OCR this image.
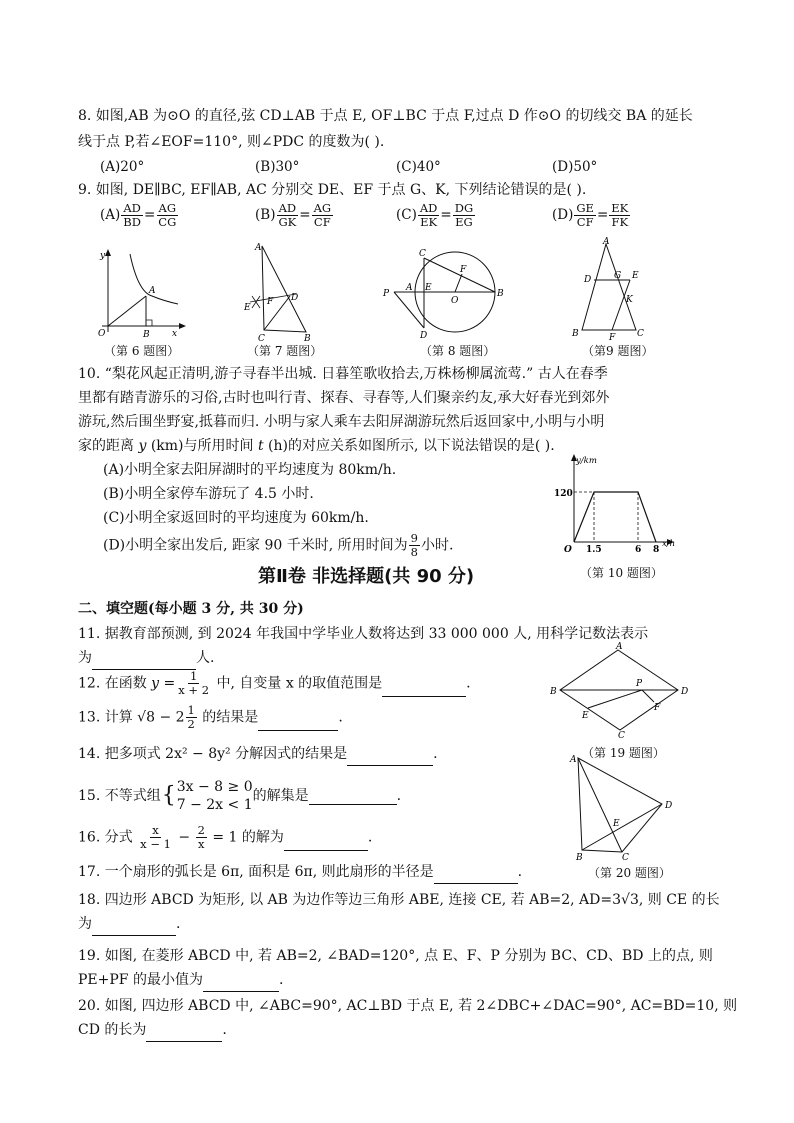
8. 如图,AB 为⊙O 的直径,弦 CD⊥AB 于点 E, OF⊥BC 于点 F,过点 D 作⊙O 的切线交 BA 的延长
线于点 P,若∠EOF=110°, 则∠PDC 的度数为( ).
(A)20°	(B)30°	(C)40°	(D)50°
9. 如图, DE∥BC, EF∥AB, AC 分别交 DE、EF 于点 G、K, 下列结论错误的是( ).
$(A) \frac{AD}{BD} = \frac{AG}{CG}$	$(B) \frac{AD}{GK} = \frac{AG}{CF}$	$(C) \frac{AD}{EK} = \frac{DG}{EG}$	$(D) \frac{GE}{CF} = \frac{EK}{FK}$
y
A
O	B x
（第 6 题图）
A
E
F D
C	B
（第 7 题图）
C
F
P
A E
O
B
D
（第 8 题图）
A
D	G E
K
B	F C
（第9 题图）
10. “梨花风起正清明,游子寻春半出城. 日暮笙歌收拾去,万株杨柳属流莺.” 古人在春季
里都有踏青游乐的习俗,古时也叫行青、探春、寻春等,人们聚亲约友,承大好春光到郊外
游玩,然后围坐野宴,抵暮而归. 小明与家人乘车去阳屏湖游玩然后返回家中,小明与小明
家的距离 y (km)与所用时间 t (h)的对应关系如图所示, 以下说法错误的是( ).
(A)小明全家去阳屏湖时的平均速度为 80km/h.
(B)小明全家停车游玩了 4.5 小时.
(C)小明全家返回时的平均速度为 60km/h.
(D)小明全家出发后, 距家 90 千米时, 所用时间为 $\frac{9}{8}$ 小时.
y/km
120
O 1.5	6 8
x/h
（第 10 题图）
第Ⅱ卷 非选择题(共 90 分)
二、填空题(每小题 3 分, 共 30 分)
11. 据教育部预测, 到 2024 年我国中学毕业人数将达到 33 000 000 人, 用科学记数法表示
为	人.
12. 在函数 $y = \frac{1}{x + 2}$ 中, 自变量 x 的取值范围是	.
A
B
P
D
E
F
C
（第 19 题图）
13. 计算 $√8 - 2 \frac{1}{2}$ 的结果是	.
14. 把多项式 2x² − 8y² 分解因式的结果是	.
15. 不等式组{ 3x − 8 ≥ 0
7 − 2x < 1
的解集是	.
A
D
E
B	C
16. 分式 $\frac{x}{x - 1} - \frac{2}{x} = 1$ 的解为	.
17. 一个扇形的弧长是 6π, 面积是 6π, 则此扇形的半径是	.	（第 20 题图）
18. 四边形 ABCD 为矩形, 以 AB 为边作等边三角形 ABE, 连接 CE, 若 AB=2, AD=3√3, 则 CE 的长
为	.
19. 如图, 在菱形 ABCD 中, 若 AB=2, ∠BAD=120°, 点 E、F、P 分别为 BC、CD、BD 上的点, 则
PE+PF 的最小值为	.
20. 如图, 四边形 ABCD 中, ∠ABC=90°, AC⊥BD 于点 E, 若 2∠DBC+∠DAC=90°, AC=BD=10, 则
CD 的长为	.
